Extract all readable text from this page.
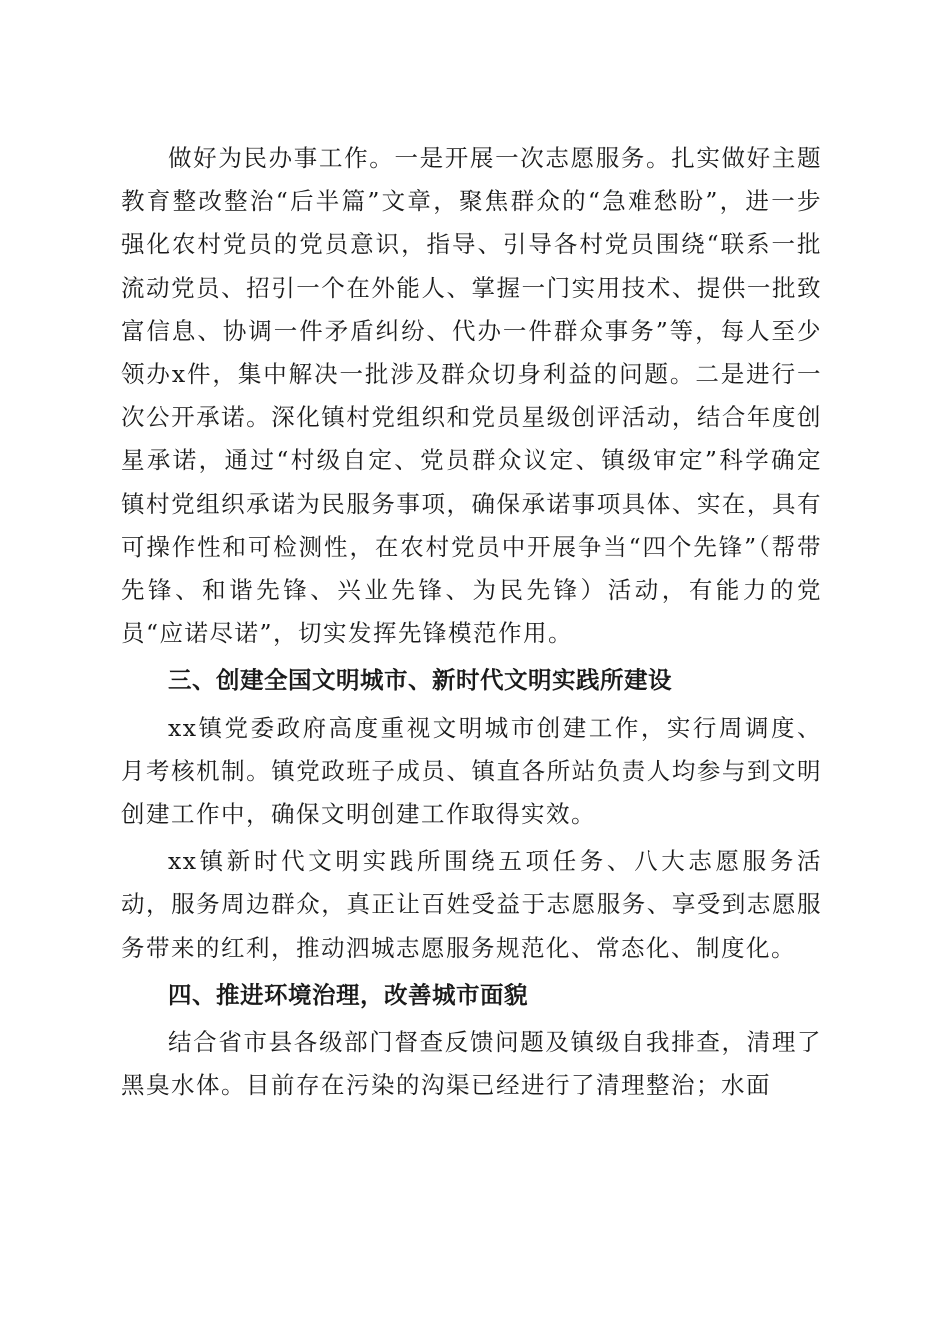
做好为民办事工作。一是开展一次志愿服务。扎实做好主题教育整改整治“后半篇”文章，聚焦群众的“急难愁盼”，进一步强化农村党员的党员意识，指导、引导各村党员围绕“联系一批流动党员、招引一个在外能人、掌握一门实用技术、提供一批致富信息、协调一件矛盾纠纷、代办一件群众事务”等，每人至少领办x件，集中解决一批涉及群众切身利益的问题。二是进行一次公开承诺。深化镇村党组织和党员星级创评活动，结合年度创星承诺，通过“村级自定、党员群众议定、镇级审定”科学确定镇村党组织承诺为民服务事项，确保承诺事项具体、实在，具有可操作性和可检测性，在农村党员中开展争当“四个先锋”（帮带先锋、和谐先锋、兴业先锋、为民先锋）活动，有能力的党员“应诺尽诺”，切实发挥先锋模范作用。

三、创建全国文明城市、新时代文明实践所建设

xx镇党委政府高度重视文明城市创建工作，实行周调度、月考核机制。镇党政班子成员、镇直各所站负责人均参与到文明创建工作中，确保文明创建工作取得实效。

xx镇新时代文明实践所围绕五项任务、八大志愿服务活动，服务周边群众，真正让百姓受益于志愿服务、享受到志愿服务带来的红利，推动泗城志愿服务规范化、常态化、制度化。

四、推进环境治理，改善城市面貌

结合省市县各级部门督查反馈问题及镇级自我排查，清理了黑臭水体。目前存在污染的沟渠已经进行了清理整治；水面
